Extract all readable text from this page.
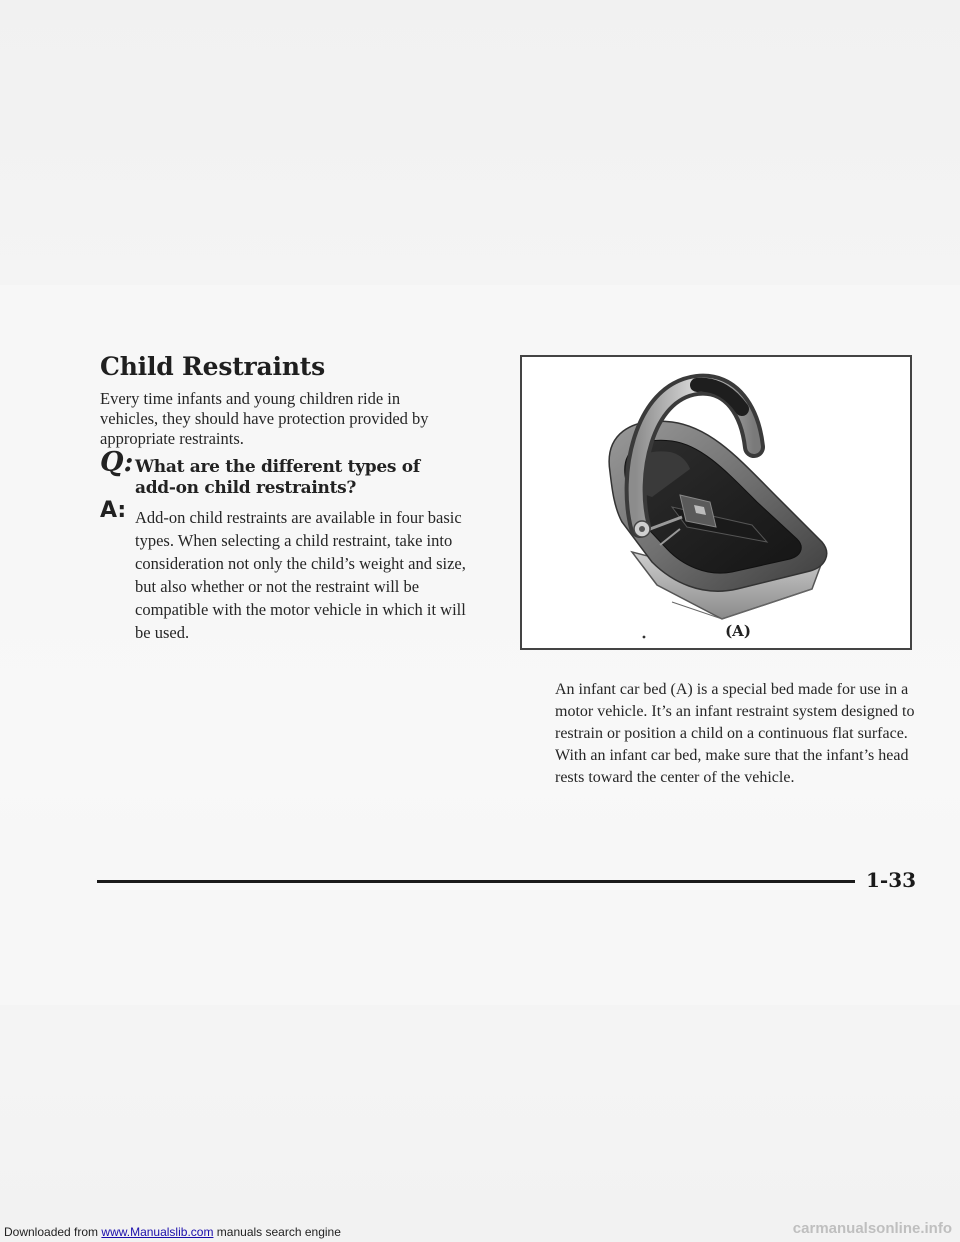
Child Restraints

Every time infants and young children ride in vehicles, they should have protection provided by appropriate restraints.

Q: What are the different types of add-on child restraints?

A: Add-on child restraints are available in four basic types. When selecting a child restraint, take into consideration not only the child’s weight and size, but also whether or not the restraint will be compatible with the motor vehicle in which it will be used.	(A)

An infant car bed (A) is a special bed made for use in a motor vehicle. It’s an infant restraint system designed to restrain or position a child on a continuous flat surface. With an infant car bed, make sure that the infant’s head rests toward the center of the vehicle.

1-33
Downloaded from www.Manualslib.com manuals search engine	carmanualsonline.info
